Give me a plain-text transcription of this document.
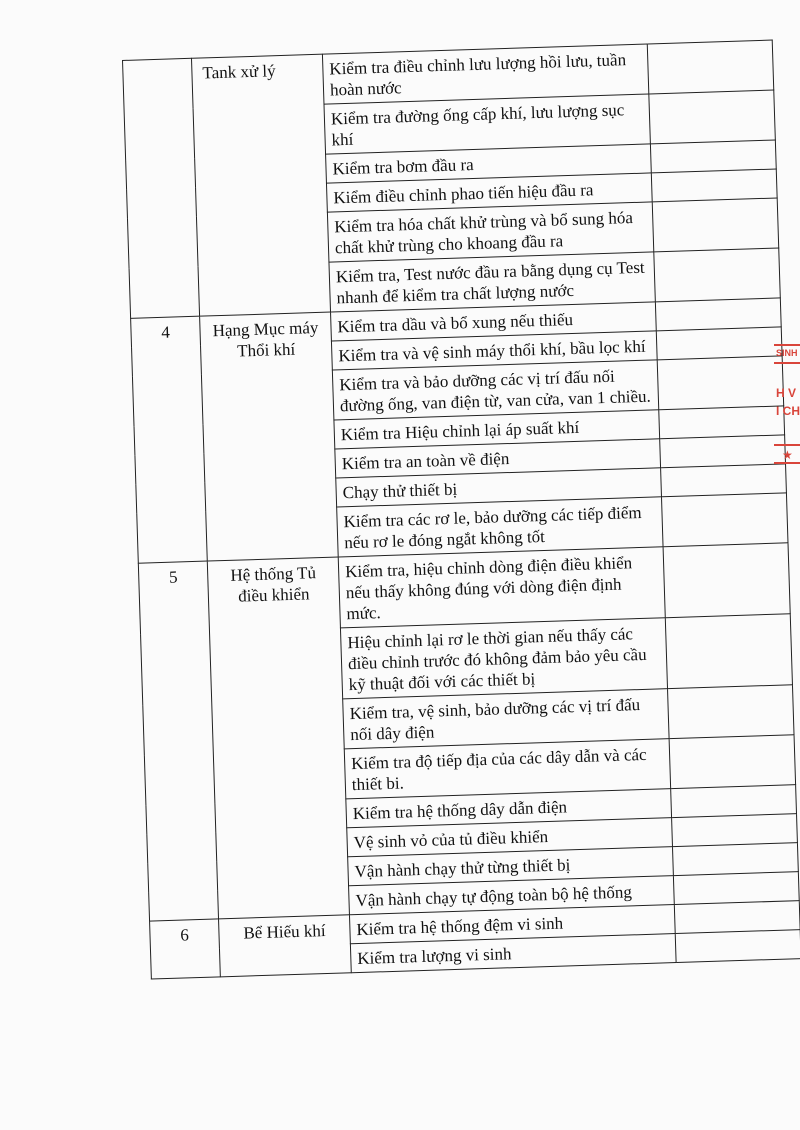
	Tank xử lý	Kiểm tra điều chỉnh lưu lượng hồi lưu, tuần hoàn nước	
		Kiểm tra đường ống cấp khí, lưu lượng sục khí	
		Kiểm tra bơm đầu ra	
		Kiểm điều chỉnh phao tiến hiệu đầu ra	
		Kiểm tra hóa chất khử trùng và bổ sung hóa chất khử trùng cho khoang đầu ra	
		Kiểm tra, Test nước đầu ra bằng dụng cụ Test nhanh để kiểm tra chất lượng nước	
4	Hạng Mục máy Thổi khí	Kiểm tra dầu và bổ xung nếu thiếu	
		Kiểm tra và vệ sinh máy thổi khí, bầu lọc khí	
		Kiểm tra và bảo dưỡng các vị trí đấu nối đường ống, van điện từ, van cửa, van 1 chiều.	
		Kiểm tra Hiệu chỉnh lại áp suất khí	
		Kiểm tra an toàn về điện	
		Chạy thử thiết bị	
		Kiểm tra các rơ le, bảo dưỡng các tiếp điểm nếu rơ le đóng ngắt không tốt	
5	Hệ thống Tủ điều khiển	Kiểm tra, hiệu chỉnh dòng điện điều khiển nếu thấy không đúng với dòng điện định mức.	
		Hiệu chỉnh lại rơ le thời gian nếu thấy các điều chỉnh trước đó không đảm bảo yêu cầu kỹ thuật đối với các thiết bị	
		Kiểm tra, vệ sinh, bảo dưỡng các vị trí đấu nối dây điện	
		Kiểm tra độ tiếp địa của các dây dẫn và các thiết bi.	
		Kiểm tra hệ thống dây dẫn điện	
		Vệ sinh vỏ của tủ điều khiển	
		Vận hành chạy thử từng thiết bị	
		Vận hành chạy tự động toàn bộ hệ thống	
6	Bể Hiếu khí	Kiểm tra hệ thống đệm vi sinh	
		Kiểm tra lượng vi sinh	
SINH
H V
I CH
★
